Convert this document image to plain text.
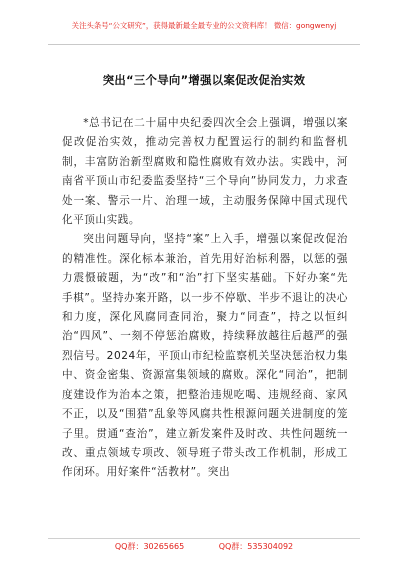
关注头条号“公文研究”，获得最新最全最专业的公文资料库！ 微信：gongwenyj
突出“三个导向”增强以案促改促治实效

*总书记在二十届中央纪委四次全会上强调，增强以案促改促治实效，推动完善权力配置运行的制约和监督机制，丰富防治新型腐败和隐性腐败有效办法。实践中，河南省平顶山市纪委监委坚持“三个导向”协同发力，力求查处一案、警示一片、治理一域，主动服务保障中国式现代化平顶山实践。

突出问题导向，坚持“案”上入手，增强以案促改促治的精准性。深化标本兼治，首先用好治标利器，以惩的强力震慑破题，为“改”和“治”打下坚实基础。下好办案“先手棋”。坚持办案开路，以一步不停歇、半步不退让的决心和力度，深化风腐同查同治，聚力“同查”，持之以恒纠治“四风”、一刻不停惩治腐败，持续释放越往后越严的强烈信号。2024年，平顶山市纪检监察机关坚决惩治权力集中、资金密集、资源富集领域的腐败。深化“同治”，把制度建设作为治本之策，把整治违规吃喝、违规经商、家风不正，以及“围猎”乱象等风腐共性根源问题关进制度的笼子里。贯通“查治”，建立新发案件及时改、共性问题统一改、重点领域专项改、领导班子带头改工作机制，形成工作闭环。用好案件“活教材”。突出

QQ群：30265665	QQ群：535304092
